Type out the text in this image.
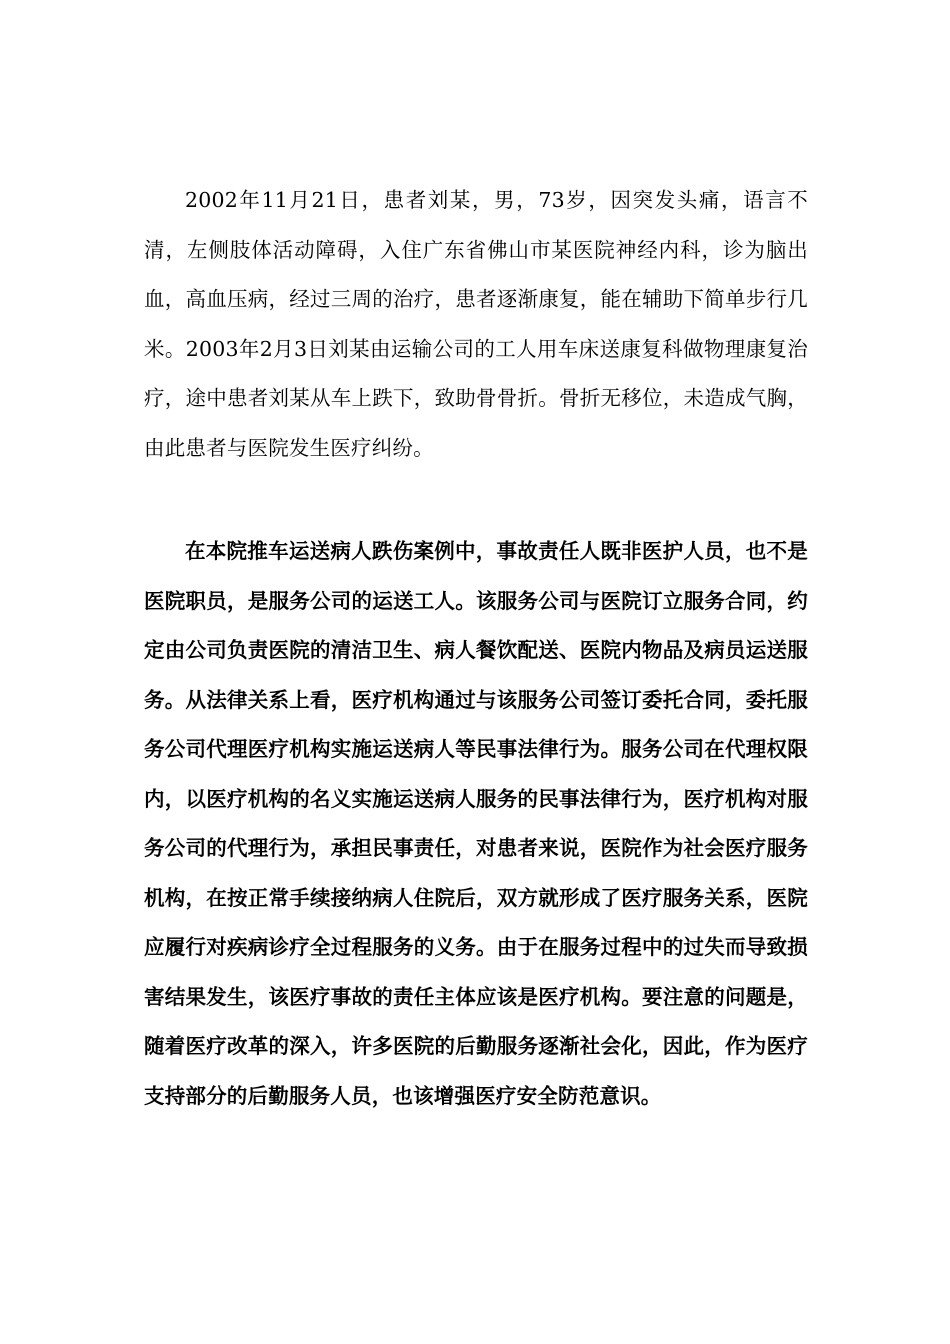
2002年11月21日，患者刘某，男，73岁，因突发头痛，语言不清，左侧肢体活动障碍，入住广东省佛山市某医院神经内科，诊为脑出血，高血压病，经过三周的治疗，患者逐渐康复，能在辅助下简单步行几米。2003年2月3日刘某由运输公司的工人用车床送康复科做物理康复治疗，途中患者刘某从车上跌下，致助骨骨折。骨折无移位，未造成气胸，由此患者与医院发生医疗纠纷。

在本院推车运送病人跌伤案例中，事故责任人既非医护人员，也不是医院职员，是服务公司的运送工人。该服务公司与医院订立服务合同，约定由公司负责医院的清洁卫生、病人餐饮配送、医院内物品及病员运送服务。从法律关系上看，医疗机构通过与该服务公司签订委托合同，委托服务公司代理医疗机构实施运送病人等民事法律行为。服务公司在代理权限内，以医疗机构的名义实施运送病人服务的民事法律行为，医疗机构对服务公司的代理行为，承担民事责任，对患者来说，医院作为社会医疗服务机构，在按正常手续接纳病人住院后，双方就形成了医疗服务关系，医院应履行对疾病诊疗全过程服务的义务。由于在服务过程中的过失而导致损害结果发生，该医疗事故的责任主体应该是医疗机构。要注意的问题是，随着医疗改革的深入，许多医院的后勤服务逐渐社会化，因此，作为医疗支持部分的后勤服务人员，也该增强医疗安全防范意识。
